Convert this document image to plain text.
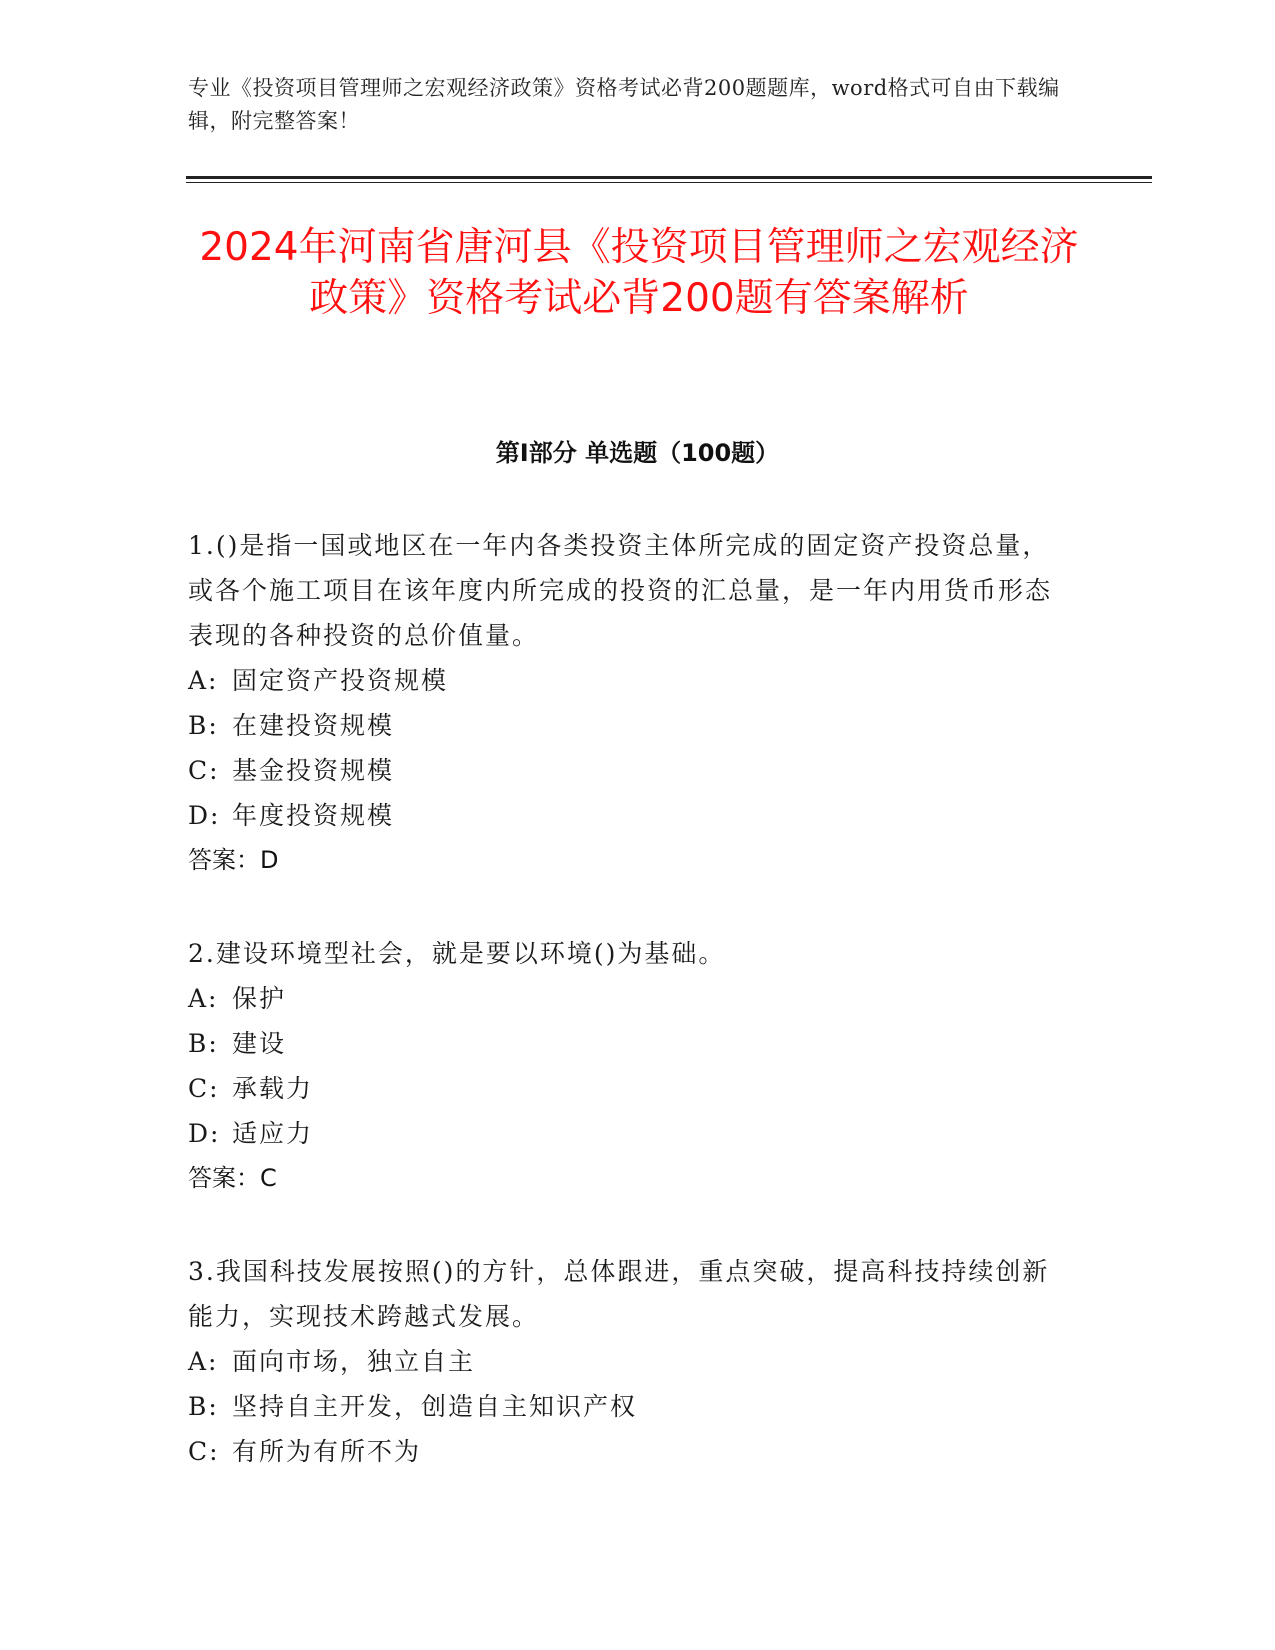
专业《投资项目管理师之宏观经济政策》资格考试必背200题题库，word格式可自由下载编辑，附完整答案！
2024年河南省唐河县《投资项目管理师之宏观经济政策》资格考试必背200题有答案解析
第Ⅰ部分 单选题（100题）

1.()是指一国或地区在一年内各类投资主体所完成的固定资产投资总量，或各个施工项目在该年度内所完成的投资的汇总量，是一年内用货币形态表现的各种投资的总价值量。

A: 固定资产投资规模

B: 在建投资规模

C: 基金投资规模

D: 年度投资规模

答案：D

2.建设环境型社会，就是要以环境()为基础。

A: 保护

B: 建设

C: 承载力

D: 适应力

答案：C

3.我国科技发展按照()的方针，总体跟进，重点突破，提高科技持续创新能力，实现技术跨越式发展。

A: 面向市场，独立自主

B: 坚持自主开发，创造自主知识产权

C: 有所为有所不为
